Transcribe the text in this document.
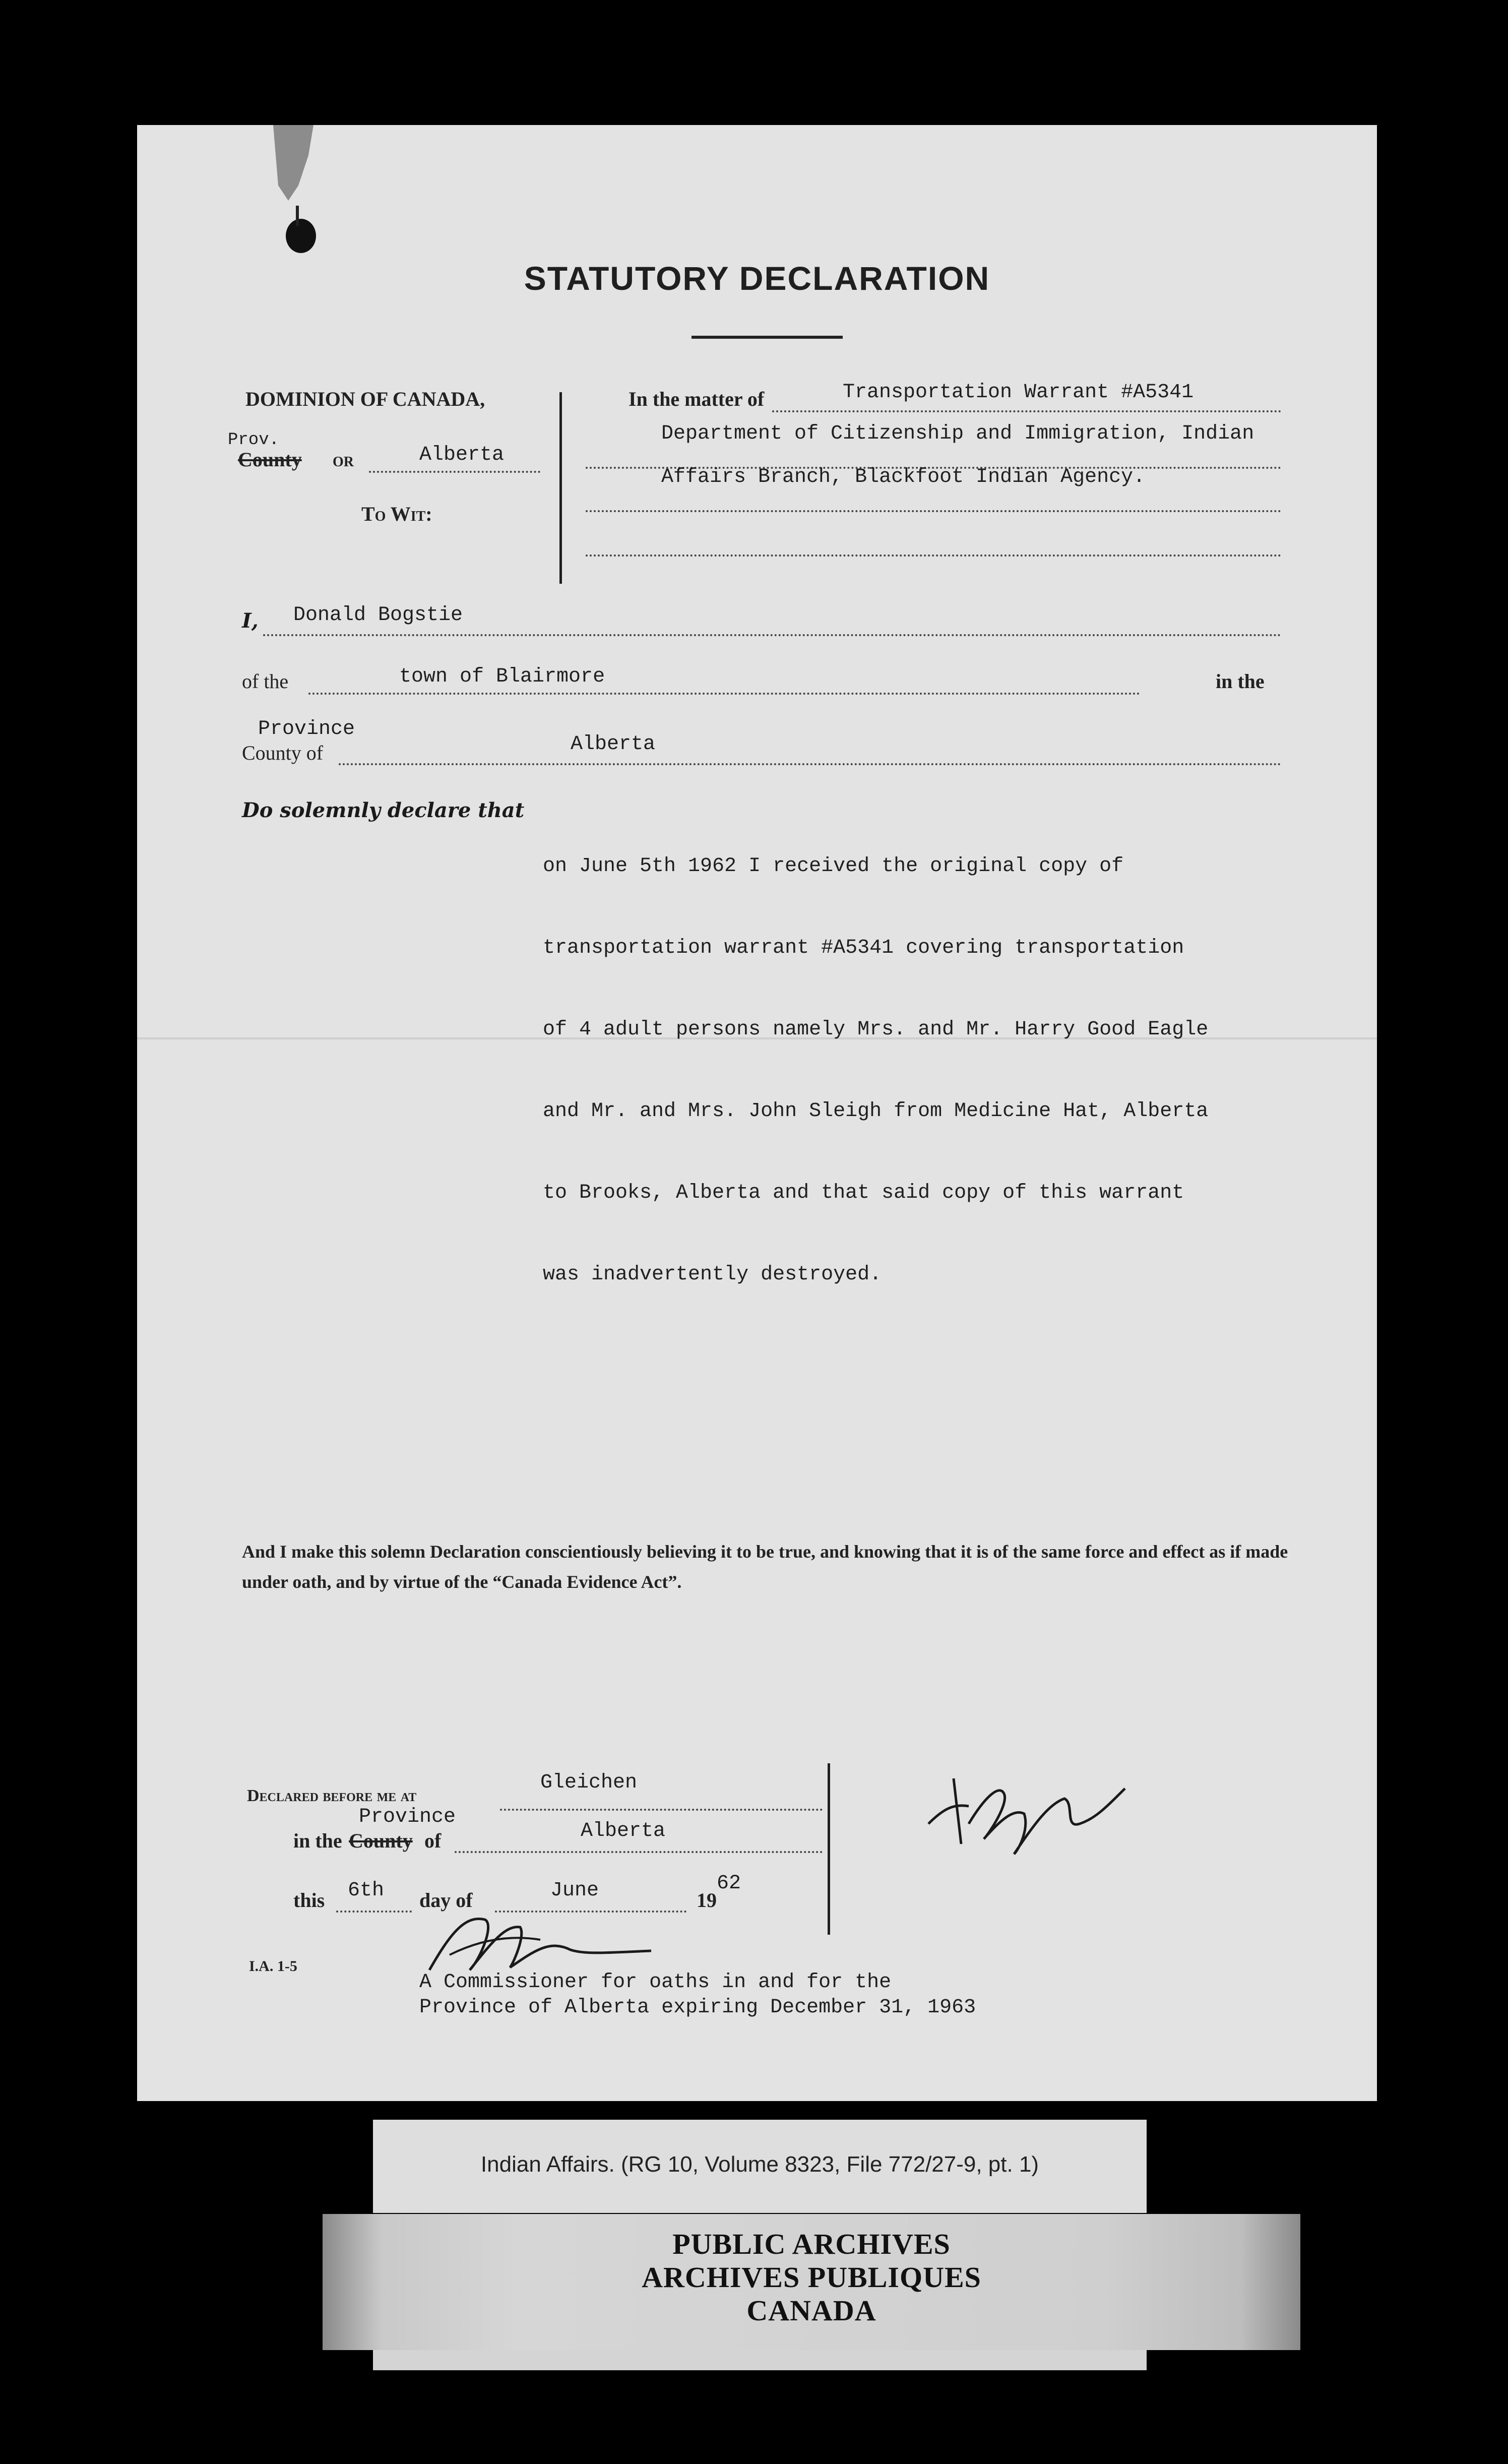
STATUTORY DECLARATION
DOMINION OF CANADA,
Prov.
County or	Alberta
To Wit:
In the matter of	Transportation Warrant #A5341
Department of Citizenship and Immigration, Indian
Affairs Branch, Blackfoot Indian Agency.
I, Donald Bogstie
of the	town of Blairmore	in the
Province
County of	Alberta
Do solemnly declare that

on June 5th 1962 I received the original copy of

transportation warrant #A5341 covering transportation

of 4 adult persons namely Mrs. and Mr. Harry Good Eagle

and Mr. and Mrs. John Sleigh from Medicine Hat, Alberta

to Brooks, Alberta and that said copy of this warrant

was inadvertently destroyed.

And I make this solemn Declaration conscientiously believing it to be true, and knowing that it is of the same force and effect as if made under oath, and by virtue of the “Canada Evidence Act”.
Declared before me at
Gleichen
Province
in the County of	Alberta
this 6th day of	June	19
62
I.A. 1-5
A Commissioner for oaths in and for the
Province of Alberta expiring December 31, 1963
Indian Affairs. (RG 10, Volume 8323, File 772/27-9, pt. 1)
PUBLIC ARCHIVES
ARCHIVES PUBLIQUES
CANADA
